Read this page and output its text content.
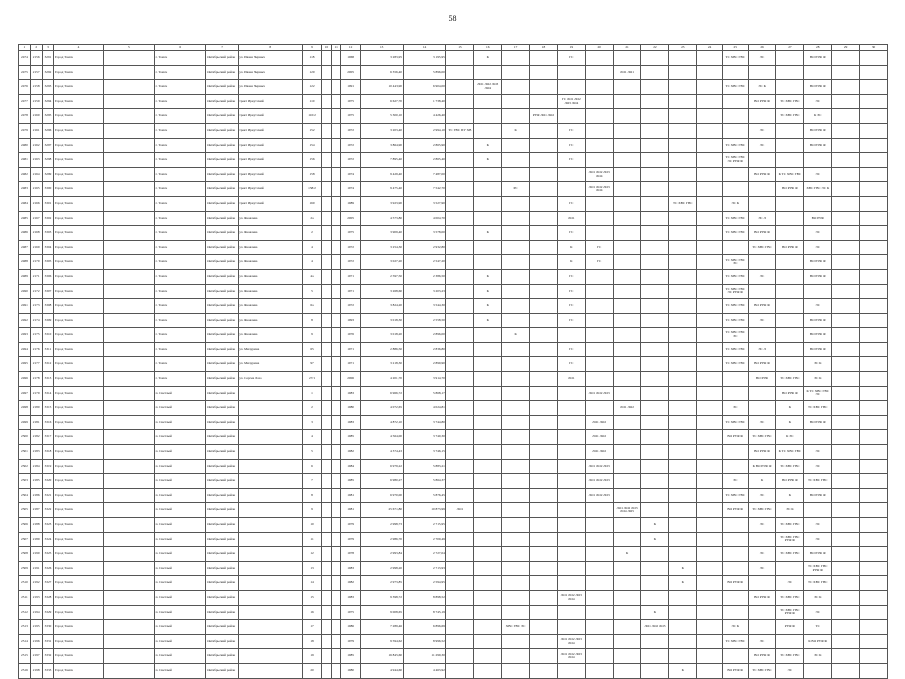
58
1	2	3	4	5	6	7	8	9	10	11	12	13	14	15	16	17	18	19	20	21	22	23	24	25	26	27	28	29	30
2474	2156	3291	Город Томск		г. Томск	Октябрьский район	ул. Ивана Черных	118			1968	3 283,95	3 195,95		К			ГС						ТС ХВС ГВС	ЭС		ВО РУФ Ф		
2475	2157	3292	Город Томск		г. Томск	Октябрьский район	ул. Ивана Черных	120			2005	6 356,40	5 896,00							ЛО1 ЛО1									
2476	2158	3293	Город Томск		г. Томск	Октябрьский район	ул. Ивана Черных	122			1991	10 443,90	6 904,00		ЛО1 ЛО2 ЛО3 ЛО4									ТС ХВС ГВС	ЭС К		ВО РУФ Ф		
2477	2159	3294	Город Томск		г. Томск	Октябрьский район	тракт Иркутский	110			1975	6 627,70	1 738,40					ГС ЛО1 ЛО2 ЛО3 ЛО4							ВО РУФ Ф	ТС ХВС ГВС	ЭС		
2478	2160	3295	Город Томск		г. Томск	Октябрьский район	тракт Иркутский	110/2			1975	5 300,10	4 426,40				РУФ ЛО1 ЛО2									ТС ХВС ГВС	К ЭС		
2479	2161	3296	Город Томск		г. Томск	Октябрьский район	тракт Иркутский	152			1972	3 203,40	2 994,10	ТС ГВС ПУ ХВ		К		ГС							ЭС		ВО РУФ Ф		
2480	2162	3297	Город Томск		г. Томск	Октябрьский район	тракт Иркутский	154			1972	3 864,90	2 865,90		К			ГС						ТС ХВС ГВС	ЭС		ВО РУФ Ф		
2481	2163	3298	Город Томск		г. Томск	Октябрьский район	тракт Иркутский	156			1972	7 895,40	2 865,40		К			ГС						ТС ХВС ГВС ЭС РУФ Ф					
2482	2164	3299	Город Томск		г. Томск	Октябрьский район	тракт Иркутский	158			1974	9 429,40	7 487,00						ЛО1 ЛО2 ЛО3 ЛО4						ВО РУФ Ф	К ТС ХВС ГВС	ЭС		
2483	2165	3300	Город Томск		г. Томск	Октябрьский район	тракт Иркутский	158/2			1974	9 475,40	7 542,70			РС			ЛО1 ЛО2 ЛО3 ЛО4							ВО РУФ Ф	ХВС ГВС ЭС К		
2484	2166	3301	Город Томск		г. Томск	Октябрьский район	тракт Иркутский	160			1989	3 923,90	3 527,90					ГС				ТС ХВС ГВС		ЭС К					
2485	2167	3302	Город Томск		г. Томск	Октябрьский район	ул. Яковлева	2а			2005	4 573,80	4 004,70					ЛО1						ТС ХВС ГВС	ЭС Л		ВО РУФ		
2486	2168	3303	Город Томск		г. Томск	Октябрьский район	ул. Яковлева	2			1975	3 909,40	3 578,00		К			ГС						ТС ХВС ГВС	ВО РУФ Ф		ЭС		
2487	2169	3304	Город Томск		г. Томск	Октябрьский район	ул. Яковлева	4			1972	3 254,30	2 932,80					К	ГС						ТС ХВС ГВС	ВО РУФ Ф	ЭС		
2488	2170	3305	Город Томск		г. Томск	Октябрьский район	ул. Яковлева	4			1972	3 027,20	2 547,20					К	ГС					ТС ХВС ГВС ЭС			ВО РУФ Ф		
2489	2171	3306	Город Томск		г. Томск	Октябрьский район	ул. Яковлева	4а			1971	2 597,50	2 386,50		К			ГС						ТС ХВС ГВС	ЭС		ВО РУФ Ф		
2490	2172	3307	Город Томск		г. Томск	Октябрьский район	ул. Яковлева	5			1971	3 268,60	3 203,23		К			ГС						ТС ХВС ГВС ЭС РУФ Ф					
2491	2173	3308	Город Томск		г. Томск	Октябрьский район	ул. Яковлева	6а			1972	3 824,20	3 544,30		К			ГС						ТС ХВС ГВС	ВО РУФ Ф		ЭС		
2492	2174	3309	Город Томск		г. Томск	Октябрьский район	ул. Яковлева	8			1993	3 018,30	2 558,50		К			ГС						ТС ХВС ГВС	ЭС		ВО РУФ Ф		
2493	2175	3310	Город Томск		г. Томск	Октябрьский район	ул. Яковлева	9			1976	3 018,20	2 896,00			К								ТС ХВС ГВС ЭС			ВО РУФ Ф		
2494	2176	3311	Город Томск		г. Томск	Октябрьский район	ул. Мичурина	65			1971	2 886,50	2 836,80					ГС						ТС ХВС ГВС	ЭС Л		ВО РУФ Ф		
2495	2177	3312	Город Томск		г. Томск	Октябрьский район	ул. Мичурина	97			1971	3 218,30	2 899,90					ГС						ТС ХВС ГВС	ВО РУФ Ф		ЭС К		
2496	2178	3313	Город Томск		г. Томск	Октябрьский район	ул. Сергея Лазо	27/1			2006	4 201,70	3 914,70					ЛО1							ВО РУФ	ТС ХВС ГВС	ЭС К		
2497	2179	3314	Город Томск		п. Светлый	Октябрьский район		1			1983	6 966,72	5 868,17						ЛО1 ЛО2 ЛО3							ВО РУФ Ф	К ТС ХВС ГВС ЭС		
2498	2180	3315	Город Томск		п. Светлый	Октябрьский район		2			1980	4 072,65	4 024,81							ЛО1 ЛО2				ЭС		К	ТС ХВС ГВС		
2499	2181	3316	Город Томск		п. Светлый	Октябрьский район		3			1983	4 872,10	3 744,80						ЛО1 ЛО2					ТС ХВС ГВС	ЭС	К	ВО РУФ Ф		
2500	2182	3317	Город Томск		п. Светлый	Октябрьский район		4			1985	4 564,00	3 740,30						ЛО1 ЛО2					ВО РУФ Ф	ТС ХВС ГВС	К ЭС			
2501	2183	3318	Город Томск		п. Светлый	Октябрьский район		5			1982	4 374,43	3 746,15						ЛО1 ЛО2						ВО РУФ Ф	К ТС ХВС ГВС	ЭС		
2502	2184	3319	Город Томск		п. Светлый	Октябрьский район		6			1984	6 979,22	5 883,21						ЛО1 ЛО2 ЛО3						К ВО РУФ Ф	ТС ХВС ГВС	ЭС		
2503	2185	3320	Город Томск		п. Светлый	Октябрьский район		7			1985	6 980,27	5 864,37						ЛО1 ЛО2 ЛО3					ЭС	К	ВО РУФ Ф	ТС ХВС ГВС		
2504	2186	3321	Город Томск		п. Светлый	Октябрьский район		8			1981	6 970,00	5 876,45						ЛО1 ЛО2 ЛО3					ТС ХВС ГВС	ЭС	К	ВО РУФ Ф		
2505	2187	3322	Город Томск		п. Светлый	Октябрьский район		9			1981	25 671,80	10 873,99	ЛО1						ЛО1 ЛО2 ЛО3 ЛО4 ЛО5				ВО РУФ Ф	ТС ХВС ГВС	ЭС К			
2506	2188	3323	Город Томск		п. Светлый	Октябрьский район		10			1979	2 998,73	2 715,95								К				ЭС	ТС ХВС ГВС	ЭС		
2507	2189	3324	Город Томск		п. Светлый	Октябрьский район		11			1979	2 986,70	2 709,49								К					ТС ХВС ГВС РУФ Ф	ЭС		
2508	2190	3325	Город Томск		п. Светлый	Октябрьский район		12			1978	2 993,84	2 727,04							К					ЭС	ТС ХВС ГВС	ВО РУФ Ф		
2509	2191	3326	Город Томск		п. Светлый	Октябрьский район		13			1983	2 998,20	2 713,93									К			ЭС		ТС ХВС ГВС РУФ Ф		
2510	2192	3327	Город Томск		п. Светлый	Октябрьский район		14			1982	2 973,85	2 594,95									К		ВО РУФ Ф		ЭС	ТС ХВС ГВС		
2511	2193	3328	Город Томск		п. Светлый	Октябрьский район		15			1983	9 398,72	8 898,52					ЛО1 ЛО2 ЛО3 ЛО4							ВО РУФ Ф	ТС ХВС ГВС	ЭС К		
2512	2194	3329	Город Томск		п. Светлый	Октябрьский район		16			1975	9 008,65	8 745,19								К					ТС ХВС ГВС РУФ Ф	ЭС		
2513	2195	3330	Город Томск		п. Светлый	Октябрьский район		17			1986	7 289,46	6 896,69			ХВС ГВС ЭС					ЛО1 ЛО2 ЛО3			ЭС К		РУФ Ф	ТС		
2514	2196	3331	Город Томск		п. Светлый	Октябрьский район		18			1979	9 594,62	8 996,52					ЛО1 ЛО2 ЛО3 ЛО4						ТС ХВС ГВС	ЭС		К ВО РУФ Ф		
2515	2197	3332	Город Томск		п. Светлый	Октябрьский район		19			1985	16 845,60	11 299,30					ЛО1 ЛО2 ЛО3 ЛО4							ВО РУФ Ф	ТС ХВС ГВС	ЭС К		
2516	2198	3333	Город Томск		п. Светлый	Октябрьский район		20			1980	4 944,60	4 463,92									К		ВО РУФ Ф	ТС ХВС ГВС	ЭС			
